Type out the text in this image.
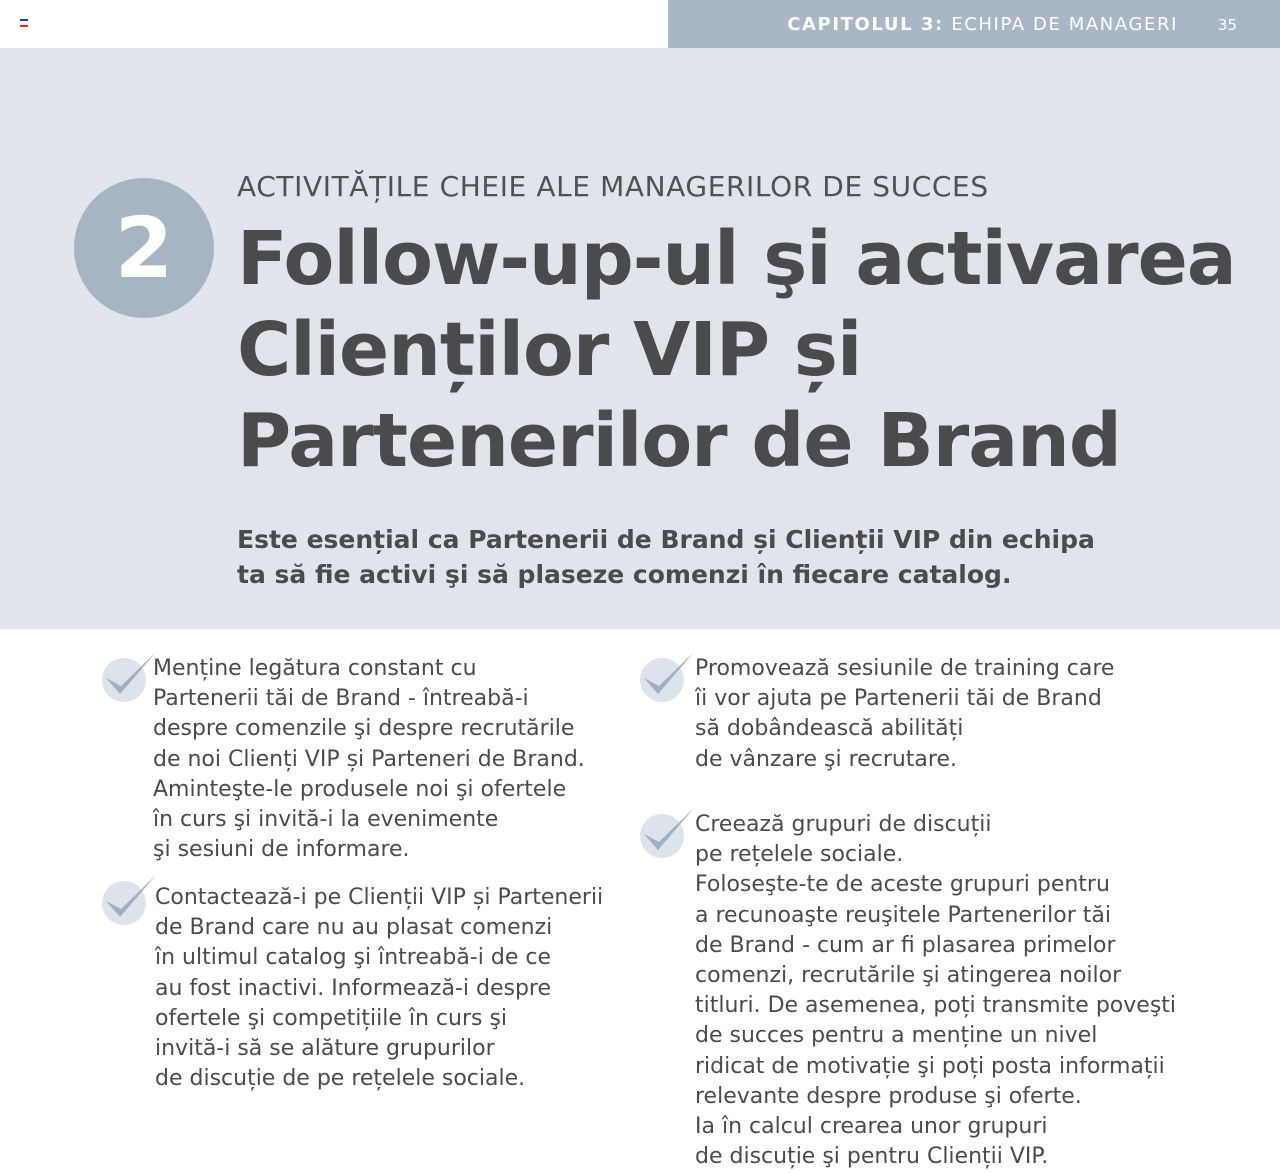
CAPITOLUL 3: ECHIPA DE MANAGERI	35
2
ACTIVITĂȚILE CHEIE ALE MANAGERILOR DE SUCCES
Follow-up-ul şi activarea
Clienților VIP și
Partenerilor de Brand
Este esențial ca Partenerii de Brand și Clienții VIP din echipa
ta să fie activi şi să plaseze comenzi în fiecare catalog.
Menține legătura constant cu
Partenerii tăi de Brand - întreabă-i
despre comenzile şi despre recrutările
de noi Clienți VIP și Parteneri de Brand.
Aminteşte-le produsele noi şi ofertele
în curs şi invită-i la evenimente
şi sesiuni de informare.
Contactează-i pe Clienții VIP și Partenerii
de Brand care nu au plasat comenzi
în ultimul catalog şi întreabă-i de ce
au fost inactivi. Informează-i despre
ofertele şi competițiile în curs şi
invită-i să se alăture grupurilor
de discuție de pe rețelele sociale.
Promovează sesiunile de training care
îi vor ajuta pe Partenerii tăi de Brand
să dobândească abilități
de vânzare şi recrutare.
Creează grupuri de discuții
pe rețelele sociale.
Foloseşte-te de aceste grupuri pentru
a recunoaşte reuşitele Partenerilor tăi
de Brand - cum ar fi plasarea primelor
comenzi, recrutările şi atingerea noilor
titluri. De asemenea, poți transmite poveşti
de succes pentru a menține un nivel
ridicat de motivație şi poți posta informații
relevante despre produse şi oferte.
Ia în calcul crearea unor grupuri
de discuție şi pentru Clienții VIP.
